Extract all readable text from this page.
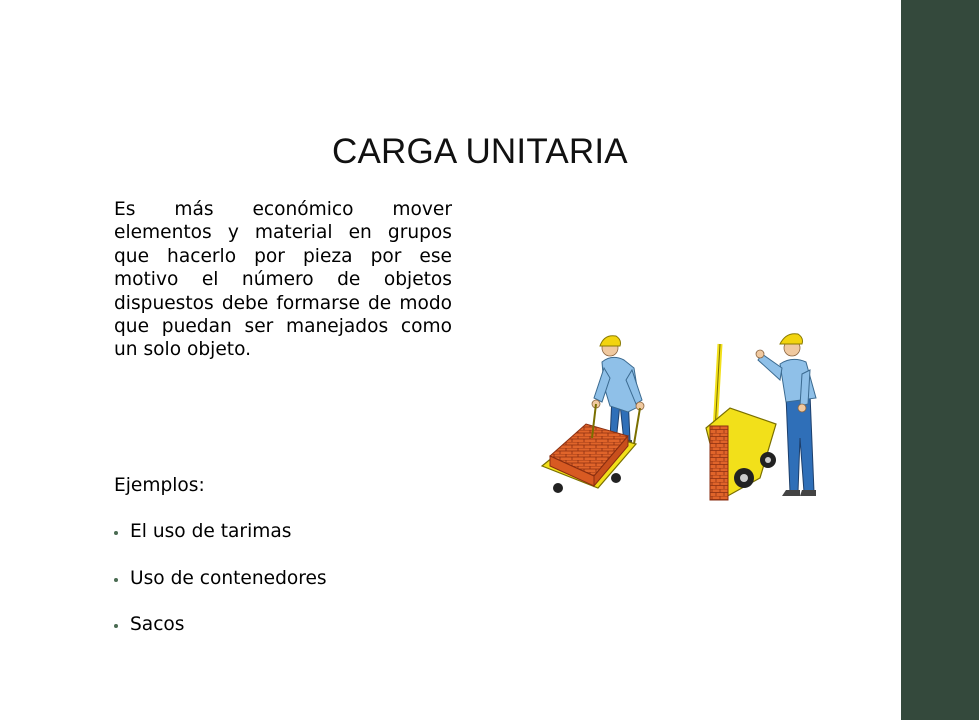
CARGA UNITARIA

Es más económico mover elementos y material en grupos que hacerlo por pieza por ese motivo el número de objetos dispuestos debe formarse de modo que puedan ser manejados como un solo objeto.

Ejemplos:

El uso de tarimas
Uso de contenedores
Sacos
